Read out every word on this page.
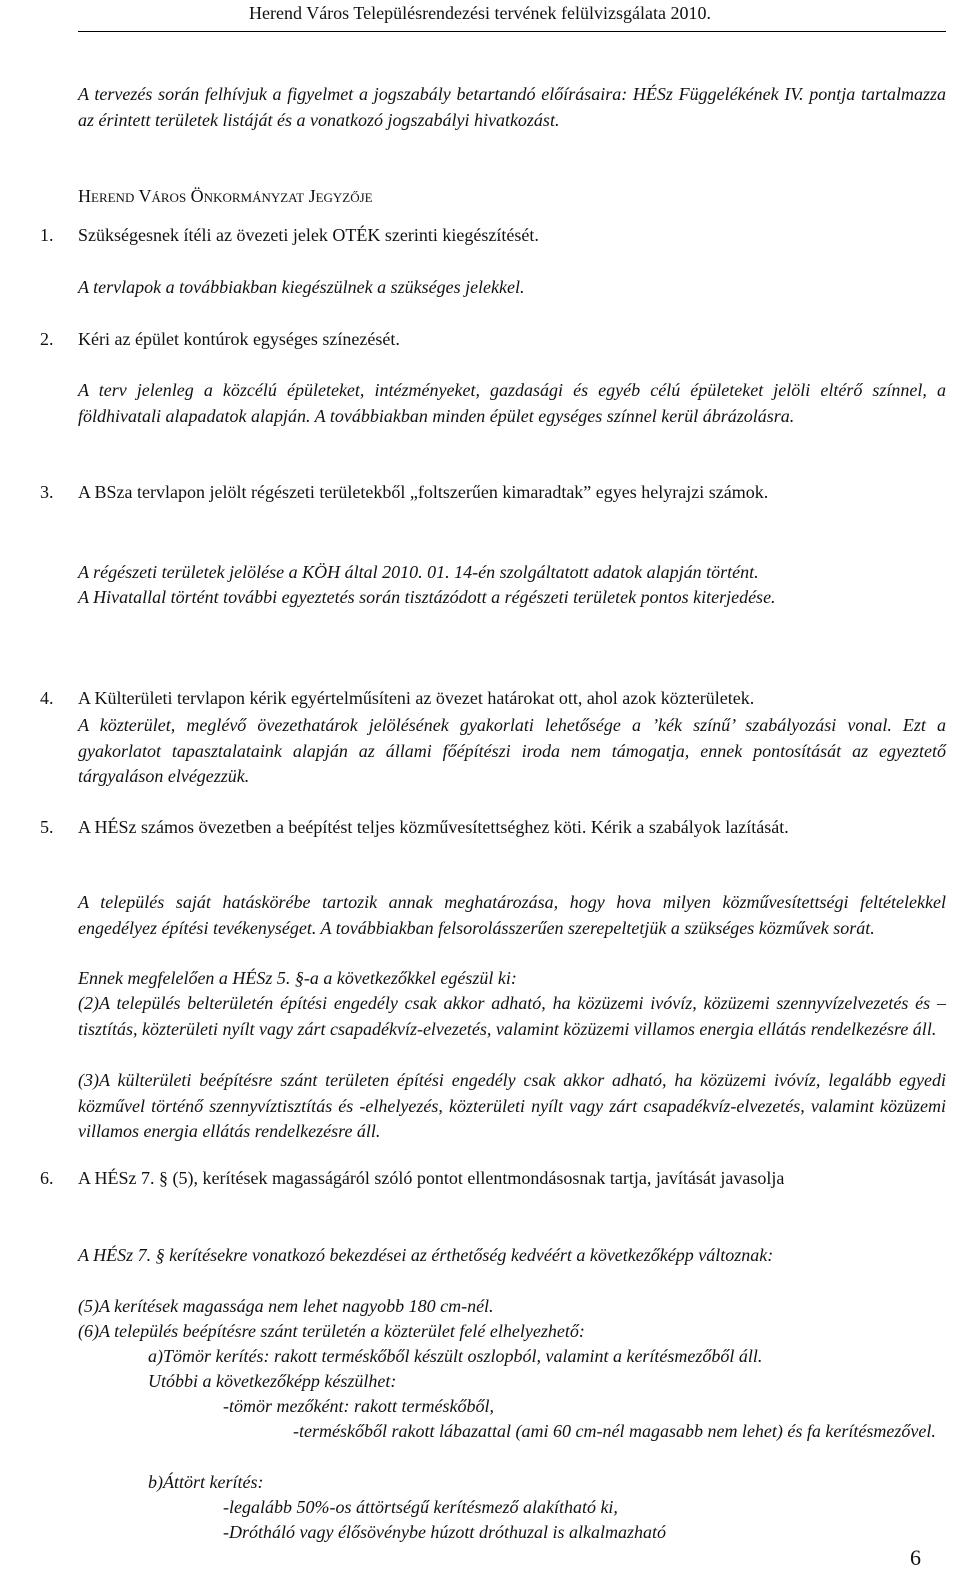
Herend Város Településrendezési tervének felülvizsgálata 2010.
A tervezés során felhívjuk a figyelmet a jogszabály betartandó előírásaira: HÉSz Függelékének IV. pontja tartalmazza az érintett területek listáját és a vonatkozó jogszabályi hivatkozást.
Herend Város Önkormányzat Jegyzője
1. Szükségesnek ítéli az övezeti jelek OTÉK szerinti kiegészítését.
A tervlapok a továbbiakban kiegészülnek a szükséges jelekkel.
2. Kéri az épület kontúrok egységes színezését.
A terv jelenleg a közcélú épületeket, intézményeket, gazdasági és egyéb célú épületeket jelöli eltérő színnel, a földhivatali alapadatok alapján. A továbbiakban minden épület egységes színnel kerül ábrázolásra.
3. A BSza tervlapon jelölt régészeti területekből „foltszerűen kimaradtak” egyes helyrajzi számok.
A régészeti területek jelölése a KÖH által 2010. 01. 14-én szolgáltatott adatok alapján történt.
A Hivatallal történt további egyeztetés során tisztázódott a régészeti területek pontos kiterjedése.
4. A Külterületi tervlapon kérik egyértelműsíteni az övezet határokat ott, ahol azok közterületek.
A közterület, meglévő övezethatárok jelölésének gyakorlati lehetősége a ’kék színű’ szabályozási vonal. Ezt a gyakorlatot tapasztalataink alapján az állami főépítészi iroda nem támogatja, ennek pontosítását az egyeztető tárgyaláson elvégezzük.
5. A HÉSz számos övezetben a beépítést teljes közművesítettséghez köti. Kérik a szabályok lazítását.
A település saját hatáskörébe tartozik annak meghatározása, hogy hova milyen közművesítettségi feltételekkel engedélyez építési tevékenységet. A továbbiakban felsorolásszerűen szerepeltetjük a szükséges közművek sorát.
Ennek megfelelően a HÉSz 5. §-a a következőkkel egészül ki:
(2)A település belterületén építési engedély csak akkor adható, ha közüzemi ivóvíz, közüzemi szennyvízelvezetés és –tisztítás, közterületi nyílt vagy zárt csapadékvíz-elvezetés, valamint közüzemi villamos energia ellátás rendelkezésre áll.
(3)A külterületi beépítésre szánt területen építési engedély csak akkor adható, ha közüzemi ivóvíz, legalább egyedi közművel történő szennyvíztisztítás és -elhelyezés, közterületi nyílt vagy zárt csapadékvíz-elvezetés, valamint közüzemi villamos energia ellátás rendelkezésre áll.
6. A HÉSz 7. § (5), kerítések magasságáról szóló pontot ellentmondásosnak tartja, javítását javasolja
A HÉSz 7. § kerítésekre vonatkozó bekezdései az érthetőség kedvéért a következőképp változnak:
(5)A kerítések magassága nem lehet nagyobb 180 cm-nél.
(6)A település beépítésre szánt területén a közterület felé elhelyezhető:
a)Tömör kerítés: rakott terméskőből készült oszlopból, valamint a kerítésmezőből áll.
Utóbbi a következőképp készülhet:
-tömör mezőként: rakott terméskőből,
-terméskőből rakott lábazattal (ami 60 cm-nél magasabb nem lehet) és fa kerítésmezővel.
b)Áttört kerítés:
-legalább 50%-os áttörtségű kerítésmező alakítható ki,
-Drótháló vagy élősövénybe húzott dróthuzal is alkalmazható
6
